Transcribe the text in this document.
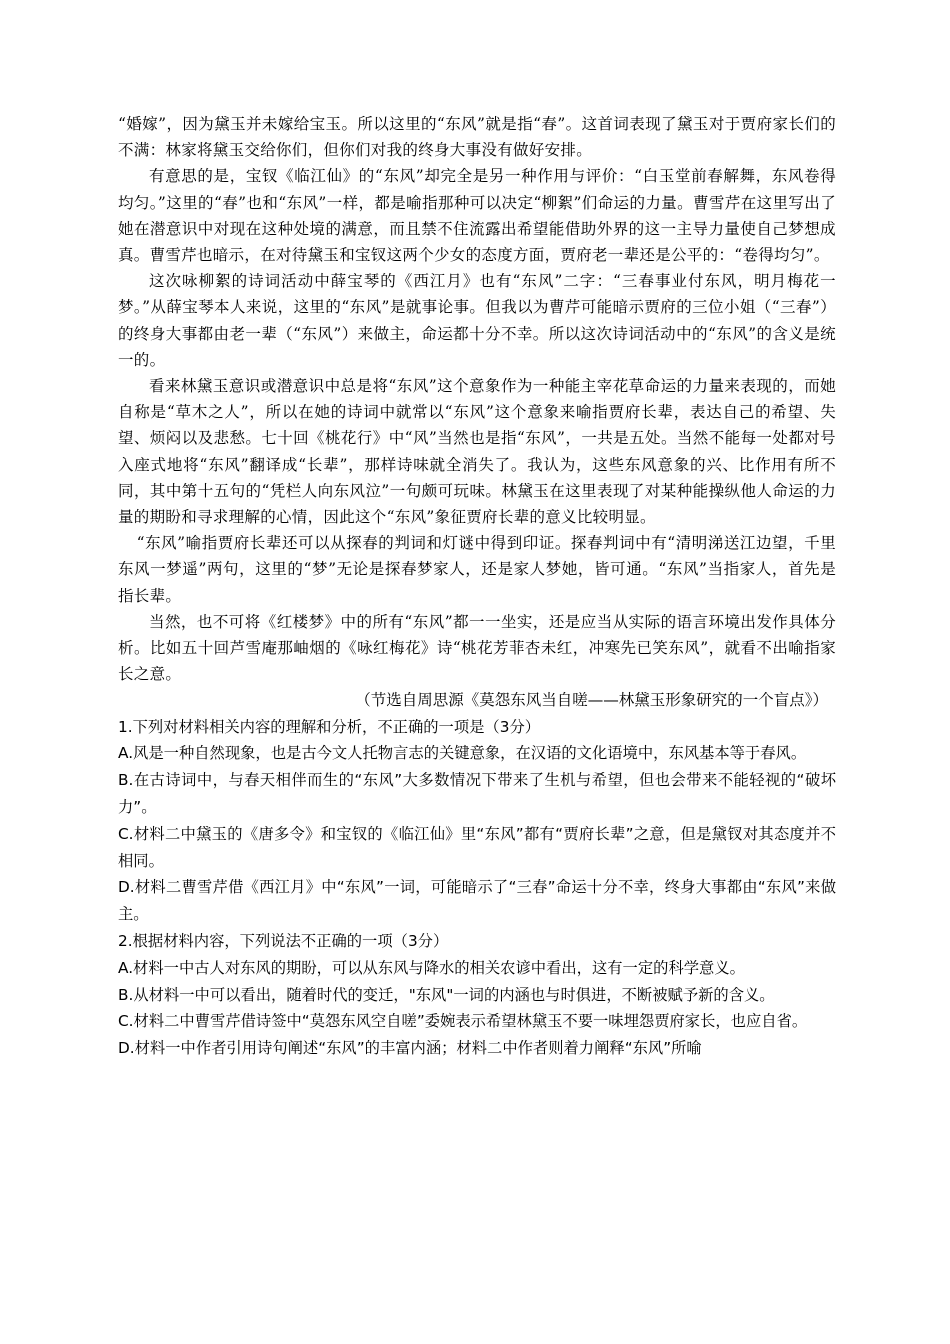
“婚嫁”，因为黛玉并未嫁给宝玉。所以这里的“东风”就是指“春”。这首词表现了黛玉对于贾府家长们的不满：林家将黛玉交给你们，但你们对我的终身大事没有做好安排。

有意思的是，宝钗《临江仙》的“东风”却完全是另一种作用与评价：“白玉堂前春解舞，东风卷得均匀。”这里的“春”也和“东风”一样，都是喻指那种可以决定“柳絮”们命运的力量。曹雪芹在这里写出了她在潜意识中对现在这种处境的满意，而且禁不住流露出希望能借助外界的这一主导力量使自己梦想成真。曹雪芹也暗示，在对待黛玉和宝钗这两个少女的态度方面，贾府老一辈还是公平的：“卷得均匀”。

这次咏柳絮的诗词活动中薛宝琴的《西江月》也有“东风”二字：“三春事业付东风，明月梅花一梦。”从薛宝琴本人来说，这里的“东风”是就事论事。但我以为曹芹可能暗示贾府的三位小姐（“三春”）的终身大事都由老一辈（“东风”）来做主，命运都十分不幸。所以这次诗词活动中的“东风”的含义是统一的。

看来林黛玉意识或潜意识中总是将“东风”这个意象作为一种能主宰花草命运的力量来表现的，而她自称是“草木之人”，所以在她的诗词中就常以“东风”这个意象来喻指贾府长辈，表达自己的希望、失望、烦闷以及悲愁。七十回《桃花行》中“风”当然也是指“东风”，一共是五处。当然不能每一处都对号入座式地将“东风”翻译成“长辈”，那样诗味就全消失了。我认为，这些东风意象的兴、比作用有所不同，其中第十五句的“凭栏人向东风泣”一句颇可玩味。林黛玉在这里表现了对某种能操纵他人命运的力量的期盼和寻求理解的心情，因此这个“东风”象征贾府长辈的意义比较明显。

“东风”喻指贾府长辈还可以从探春的判词和灯谜中得到印证。探春判词中有“清明涕送江边望，千里东风一梦遥”两句，这里的“梦”无论是探春梦家人，还是家人梦她，皆可通。“东风”当指家人，首先是指长辈。

当然，也不可将《红楼梦》中的所有“东风”都一一坐实，还是应当从实际的语言环境出发作具体分析。比如五十回芦雪庵那岫烟的《咏红梅花》诗“桃花芳菲杏未红，冲寒先已笑东风”，就看不出喻指家长之意。

（节选自周思源《莫怨东风当自嗟——林黛玉形象研究的一个盲点》）

1.下列对材料相关内容的理解和分析，不正确的一项是（3分）

A.风是一种自然现象，也是古今文人托物言志的关键意象，在汉语的文化语境中，东风基本等于春风。

B.在古诗词中，与春天相伴而生的“东风”大多数情况下带来了生机与希望，但也会带来不能轻视的“破坏力”。

C.材料二中黛玉的《唐多令》和宝钗的《临江仙》里“东风”都有“贾府长辈”之意，但是黛钗对其态度并不相同。

D.材料二曹雪芹借《西江月》中“东风”一词，可能暗示了“三春”命运十分不幸，终身大事都由“东风”来做主。

2.根据材料内容，下列说法不正确的一项（3分）

A.材料一中古人对东风的期盼，可以从东风与降水的相关农谚中看出，这有一定的科学意义。

B.从材料一中可以看出，随着时代的变迁，"东风"一词的内涵也与时俱进，不断被赋予新的含义。

C.材料二中曹雪芹借诗签中“莫怨东风空自嗟”委婉表示希望林黛玉不要一味埋怨贾府家长，也应自省。

D.材料一中作者引用诗句阐述“东风”的丰富内涵；材料二中作者则着力阐释“东风”所喻
